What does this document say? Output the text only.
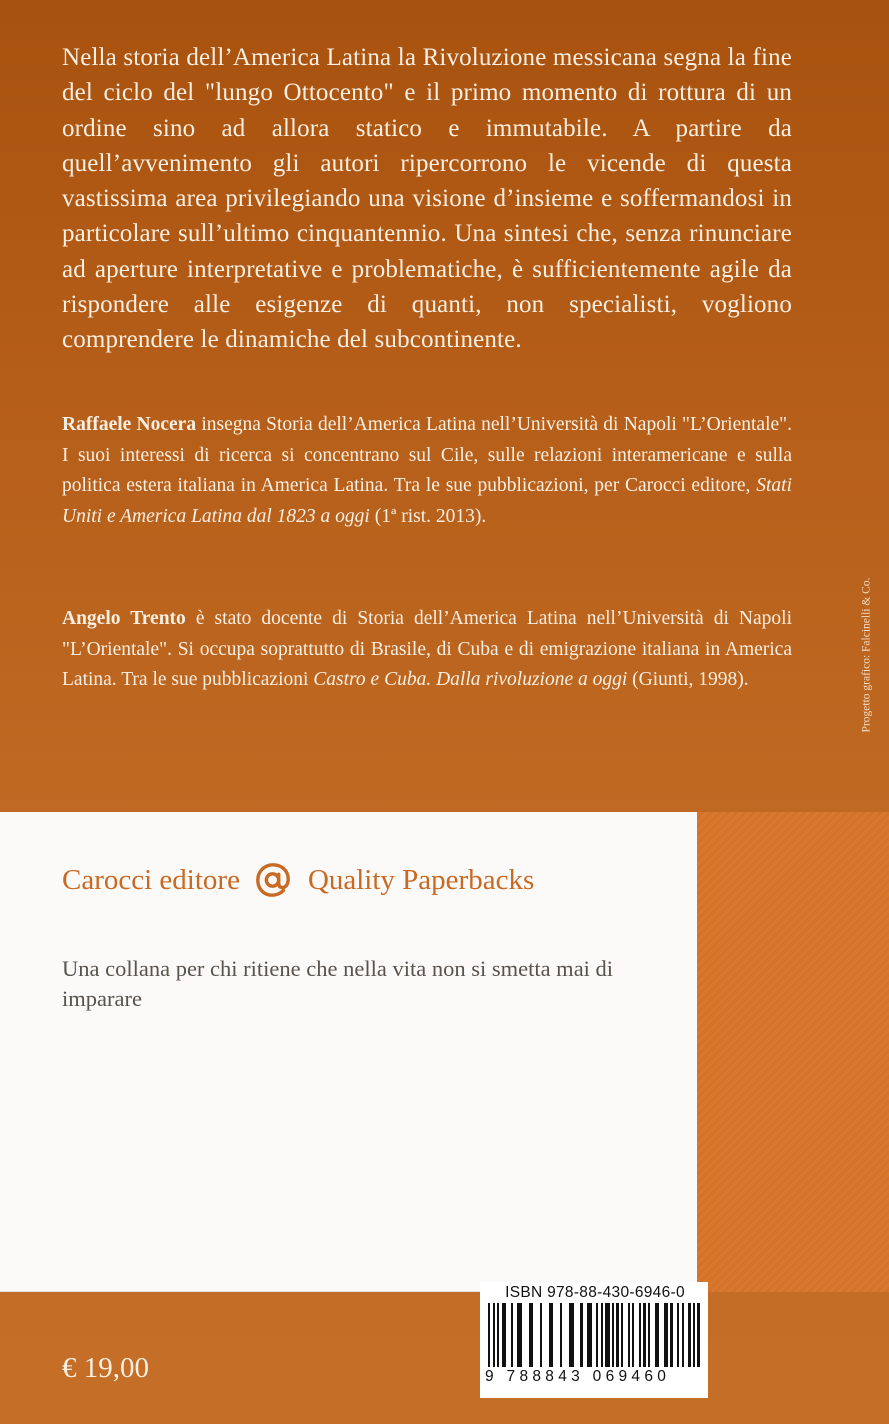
Nella storia dell’America Latina la Rivoluzione messicana segna la fine del ciclo del "lungo Ottocento" e il primo momento di rottura di un ordine sino ad allora statico e immutabile. A partire da quell’avvenimento gli autori ripercorrono le vicende di questa vastissima area privilegiando una visione d’insieme e soffermandosi in particolare sull’ultimo cinquantennio. Una sintesi che, senza rinunciare ad aperture interpretative e problematiche, è sufficientemente agile da rispondere alle esigenze di quanti, non specialisti, vogliono comprendere le dinamiche del subcontinente.

Raffaele Nocera insegna Storia dell’America Latina nell’Università di Napoli "L’Orientale". I suoi interessi di ricerca si concentrano sul Cile, sulle relazioni interamericane e sulla politica estera italiana in America Latina. Tra le sue pubblicazioni, per Carocci editore, Stati Uniti e America Latina dal 1823 a oggi (1ª rist. 2013).

Angelo Trento è stato docente di Storia dell’America Latina nell’Università di Napoli "L’Orientale". Si occupa soprattutto di Brasile, di Cuba e di emigrazione italiana in America Latina. Tra le sue pubblicazioni Castro e Cuba. Dalla rivoluzione a oggi (Giunti, 1998).	Progetto grafico: Falcinelli & Co.
Carocci editore Quality Paperbacks

Una collana per chi ritiene che nella vita non si smetta mai di imparare

ISBN 978-88-430-6946-0
9 788843 069460
€ 19,00
